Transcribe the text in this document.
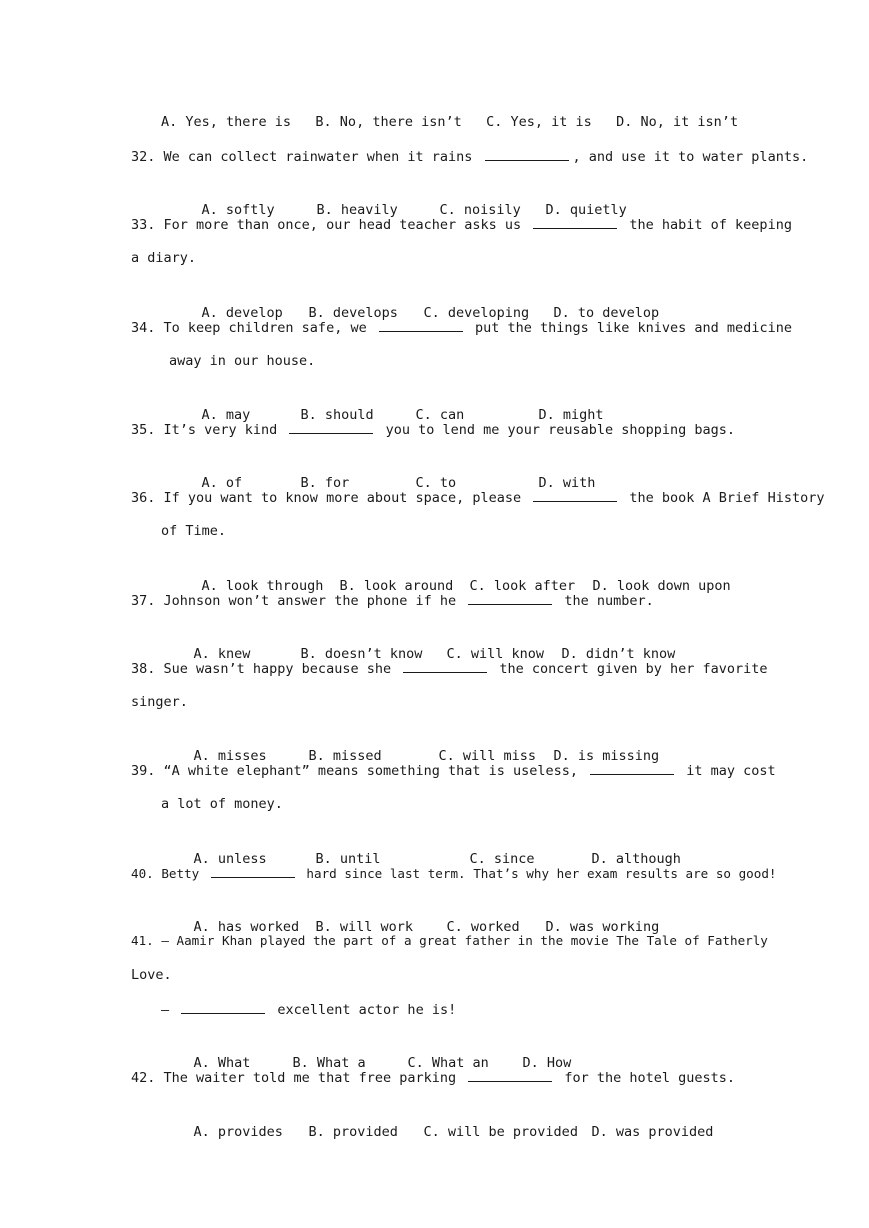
A. Yes, there is   B. No, there isn’t   C. Yes, it is   D. No, it isn’t
32. We can collect rainwater when it rains	, and use it to water plants.

A. softly	B. heavily	C. noisily D. quietly

33. For more than once, our head teacher asks us	the habit of keeping
a diary.

A. develop B. develops C. developing D. to develop

34. To keep children safe, we	put the things like knives and medicine
away in our house.

A. may	B. should	C. can	D. might

35. It’s very kind	you to lend me your reusable shopping bags.

A. of	B. for	C. to	D. with

36. If you want to know more about space, please	the book A Brief History
of Time.

A. look through B. look around C. look after D. look down upon

37. Johnson won’t answer the phone if he	the number.

A. knew	B. doesn’t know C. will know D. didn’t know

38. Sue wasn’t happy because she	the concert given by her favorite
singer.

A. misses	B. missed	C. will miss D. is missing

39. “A white elephant” means something that is useless,	it may cost
a lot of money.

A. unless	B. until	C. since	D. although

40. Betty	hard since last term. That’s why her exam results are so good!

A. has worked B. will work C. worked D. was working

41. — Aamir Khan played the part of a great father in the movie The Tale of Fatherly
Love.
—	excellent actor he is!

A. What	B. What a	C. What an D. How

42. The waiter told me that free parking	for the hotel guests.

A. provides B. provided C. will be provided D. was provided
